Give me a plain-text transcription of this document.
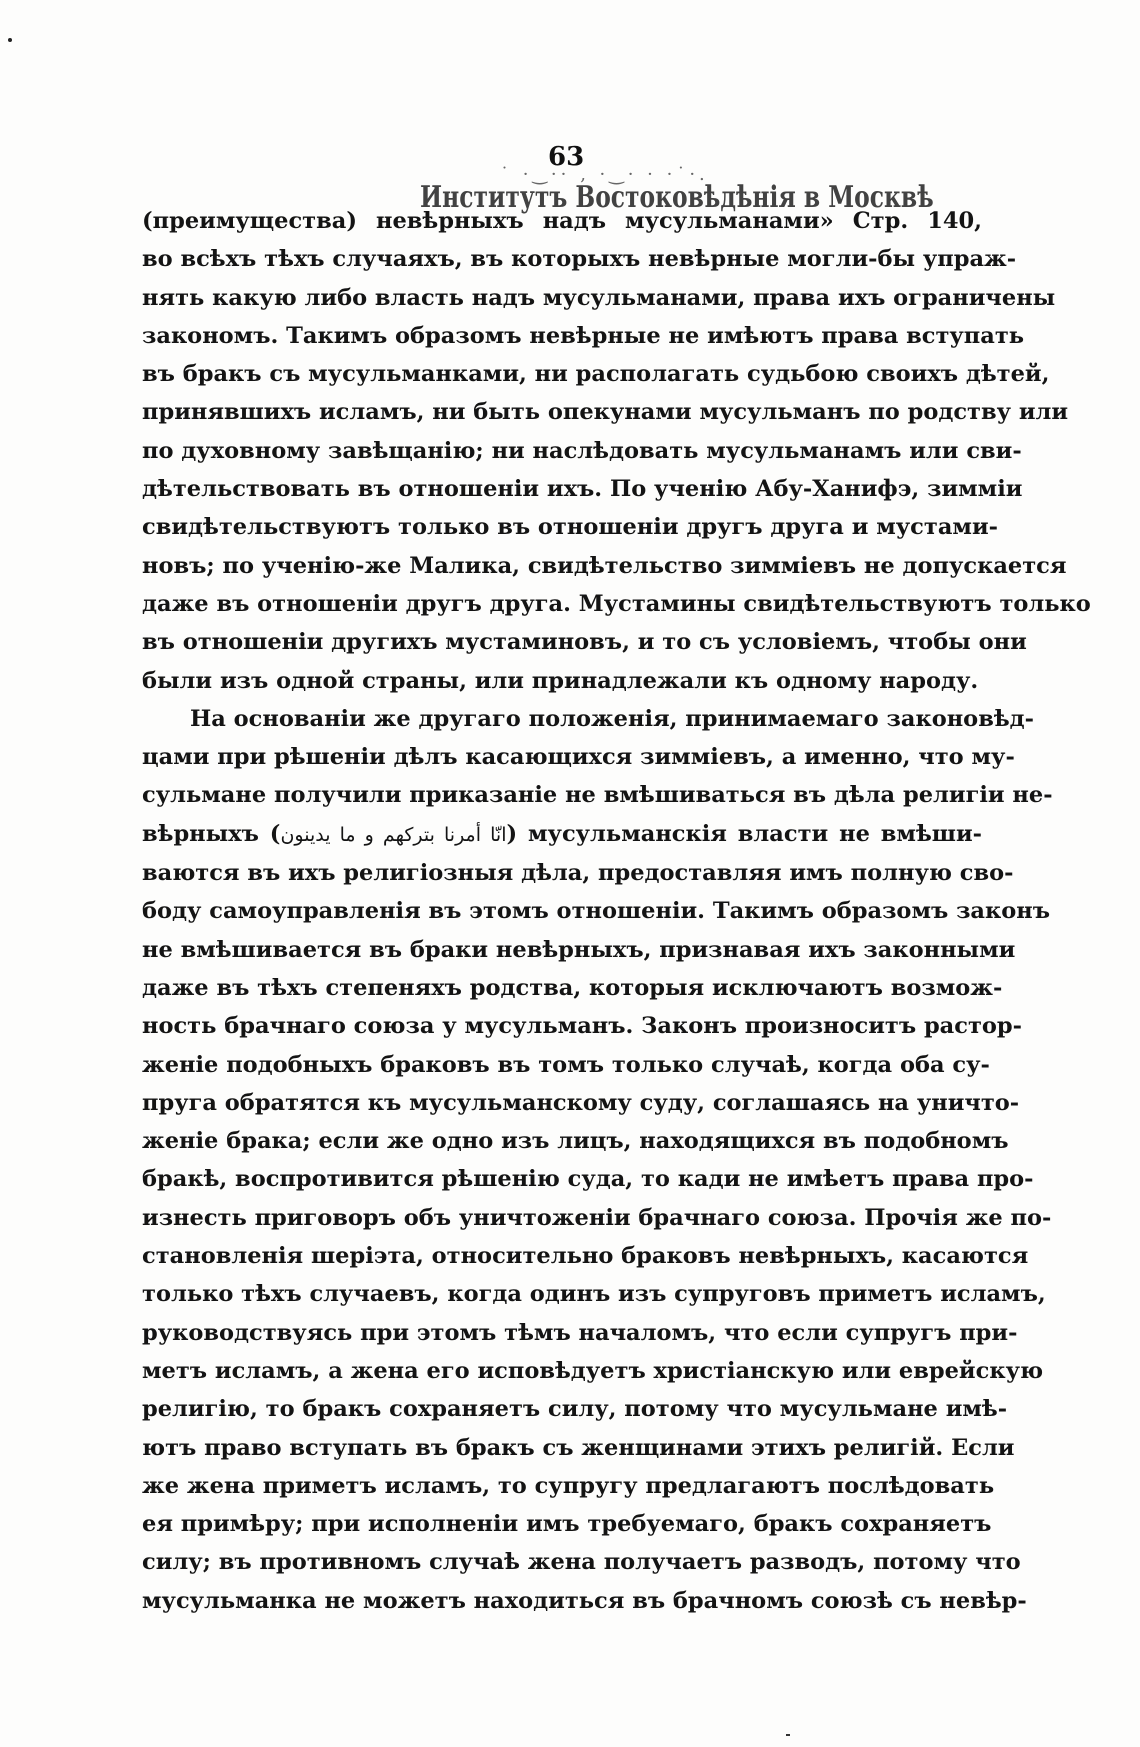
63
˙ ·‿·· ‚ ·‿· · ·˙·.
Институтъ Востоковѣдѣнія в Москвѣ
(преимущества) невѣрныхъ надъ мусульманами» Стр. 140,
во всѣхъ тѣхъ случаяхъ, въ которыхъ невѣрные могли-бы упраж-
нять какую либо власть надъ мусульманами, права ихъ ограничены
закономъ. Такимъ образомъ невѣрные не имѣютъ права вступать
въ бракъ съ мусульманками, ни располагать судьбою своихъ дѣтей,
принявшихъ исламъ, ни быть опекунами мусульманъ по родству или
по духовному завѣщанію; ни наслѣдовать мусульманамъ или сви-
дѣтельствовать въ отношеніи ихъ. По ученію Абу-Ханифэ, зимміи
свидѣтельствуютъ только въ отношеніи другъ друга и мустами-
новъ; по ученію-же Малика, свидѣтельство зимміевъ не допускается
даже въ отношеніи другъ друга. Мустамины свидѣтельствуютъ только
въ отношеніи другихъ мустаминовъ, и то съ условіемъ, чтобы они
были изъ одной страны, или принадлежали къ одному народу.
На основаніи же другаго положенія, принимаемаго законовѣд-
цами при рѣшеніи дѣлъ касающихся зимміевъ, а именно, что му-
сульмане получили приказаніе не вмѣшиваться въ дѣла религіи не-
вѣрныхъ (انّا أمرنا بتركهم و ما يدينون) мусульманскія власти не вмѣши-
ваются въ ихъ религіозныя дѣла, предоставляя имъ полную сво-
боду самоуправленія въ этомъ отношеніи. Такимъ образомъ законъ
не вмѣшивается въ браки невѣрныхъ, признавая ихъ законными
даже въ тѣхъ степеняхъ родства, которыя исключаютъ возмож-
ность брачнаго союза у мусульманъ. Законъ произноситъ растор-
женіе подобныхъ браковъ въ томъ только случаѣ, когда оба су-
пруга обратятся къ мусульманскому суду, соглашаясь на уничто-
женіе брака; если же одно изъ лицъ, находящихся въ подобномъ
бракѣ, воспротивится рѣшенію суда, то кади не имѣетъ права про-
изнесть приговоръ объ уничтоженіи брачнаго союза. Прочія же по-
становленія шеріэта, относительно браковъ невѣрныхъ, касаются
только тѣхъ случаевъ, когда одинъ изъ супруговъ приметъ исламъ,
руководствуясь при этомъ тѣмъ началомъ, что если супругъ при-
метъ исламъ, а жена его исповѣдуетъ христіанскую или еврейскую
религію, то бракъ сохраняетъ силу, потому что мусульмане имѣ-
ютъ право вступать въ бракъ съ женщинами этихъ религій. Если
же жена приметъ исламъ, то супругу предлагаютъ послѣдовать
ея примѣру; при исполненіи имъ требуемаго, бракъ сохраняетъ
силу; въ противномъ случаѣ жена получаетъ разводъ, потому что
мусульманка не можетъ находиться въ брачномъ союзѣ съ невѣр-
